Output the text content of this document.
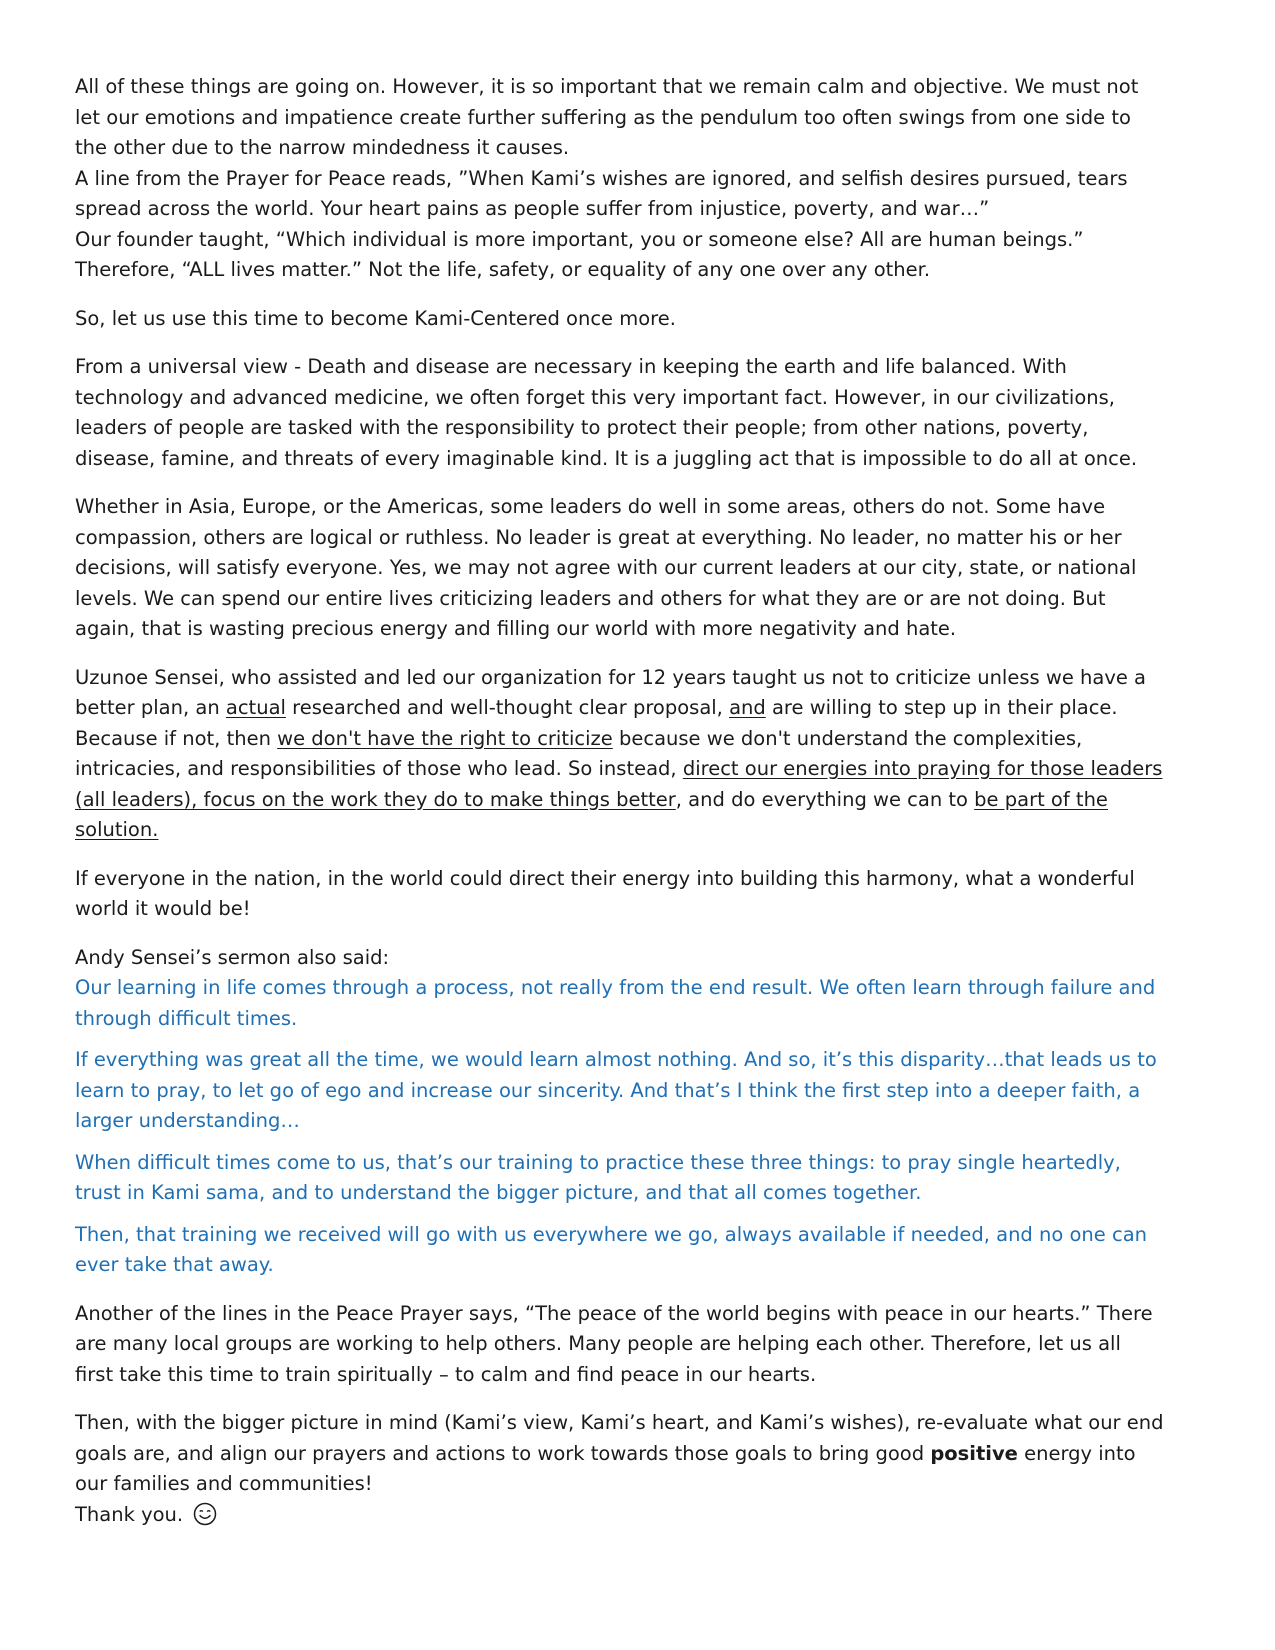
All of these things are going on. However, it is so important that we remain calm and objective. We must not let our emotions and impatience create further suffering as the pendulum too often swings from one side to the other due to the narrow mindedness it causes.

A line from the Prayer for Peace reads, ”When Kami’s wishes are ignored, and selfish desires pursued, tears spread across the world. Your heart pains as people suffer from injustice, poverty, and war…”

Our founder taught, “Which individual is more important, you or someone else? All are human beings.”

Therefore, “ALL lives matter.” Not the life, safety, or equality of any one over any other.

So, let us use this time to become Kami-Centered once more.

From a universal view - Death and disease are necessary in keeping the earth and life balanced. With technology and advanced medicine, we often forget this very important fact. However, in our civilizations, leaders of people are tasked with the responsibility to protect their people; from other nations, poverty, disease, famine, and threats of every imaginable kind. It is a juggling act that is impossible to do all at once.

Whether in Asia, Europe, or the Americas, some leaders do well in some areas, others do not. Some have compassion, others are logical or ruthless. No leader is great at everything. No leader, no matter his or her decisions, will satisfy everyone. Yes, we may not agree with our current leaders at our city, state, or national levels. We can spend our entire lives criticizing leaders and others for what they are or are not doing. But again, that is wasting precious energy and filling our world with more negativity and hate.

Uzunoe Sensei, who assisted and led our organization for 12 years taught us not to criticize unless we have a better plan, an actual researched and well-thought clear proposal, and are willing to step up in their place. Because if not, then we don't have the right to criticize because we don't understand the complexities, intricacies, and responsibilities of those who lead. So instead, direct our energies into praying for those leaders (all leaders), focus on the work they do to make things better, and do everything we can to be part of the solution.

If everyone in the nation, in the world could direct their energy into building this harmony, what a wonderful world it would be!

Andy Sensei’s sermon also said:

Our learning in life comes through a process, not really from the end result. We often learn through failure and through difficult times.

If everything was great all the time, we would learn almost nothing. And so, it’s this disparity…that leads us to learn to pray, to let go of ego and increase our sincerity. And that’s I think the first step into a deeper faith, a larger understanding…

When difficult times come to us, that’s our training to practice these three things: to pray single heartedly, trust in Kami sama, and to understand the bigger picture, and that all comes together.

Then, that training we received will go with us everywhere we go, always available if needed, and no one can ever take that away.

Another of the lines in the Peace Prayer says, “The peace of the world begins with peace in our hearts.” There are many local groups are working to help others. Many people are helping each other. Therefore, let us all first take this time to train spiritually – to calm and find peace in our hearts.

Then, with the bigger picture in mind (Kami’s view, Kami’s heart, and Kami’s wishes), re-evaluate what our end goals are, and align our prayers and actions to work towards those goals to bring good positive energy into our families and communities!

Thank you.
